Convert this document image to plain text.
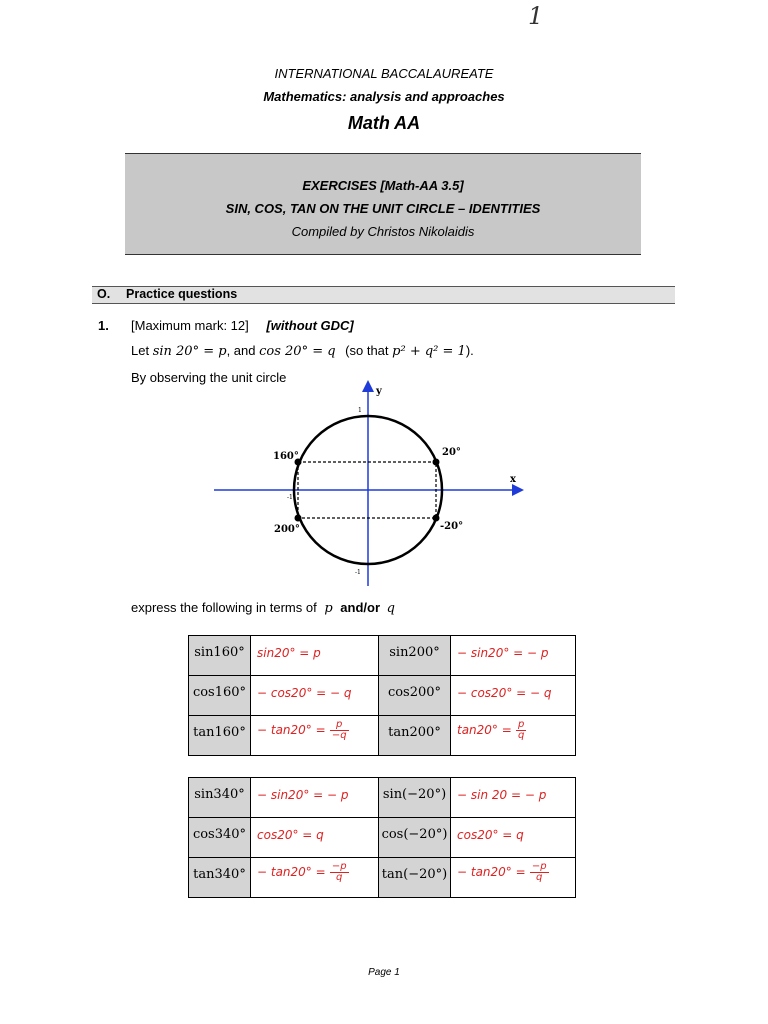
1
INTERNATIONAL BACCALAUREATE
Mathematics: analysis and approaches
Math AA
EXERCISES [Math-AA 3.5]
SIN, COS, TAN ON THE UNIT CIRCLE – IDENTITIES
Compiled by Christos Nikolaidis
O. Practice questions
1. [Maximum mark: 12] [without GDC]
Let sin 20° = p, and cos 20° = q (so that p² + q² = 1).
By observing the unit circle
x
y
20°
160°
200°	-20°
1
-1
-1
express the following in terms of p and/or q
sin160°	sin20° = p	sin200°	− sin20° = − p
cos160°	− cos20° = − q	cos200°	− cos20° = − q
tan160°	− $\tan 20^\circ = \frac{p}{-q}$	tan200°	$\tan 20^\circ = \frac{p}{q}$
sin340°	− sin20° = − p	sin(−20°)	− sin 20 = − p
cos340°	cos20° = q	cos(−20°)	cos20° = q
tan340°	− $\tan 20^\circ = \frac{-p}{q}$	tan(−20°)	− $\tan 20^\circ = \frac{-p}{q}$
Page 1
